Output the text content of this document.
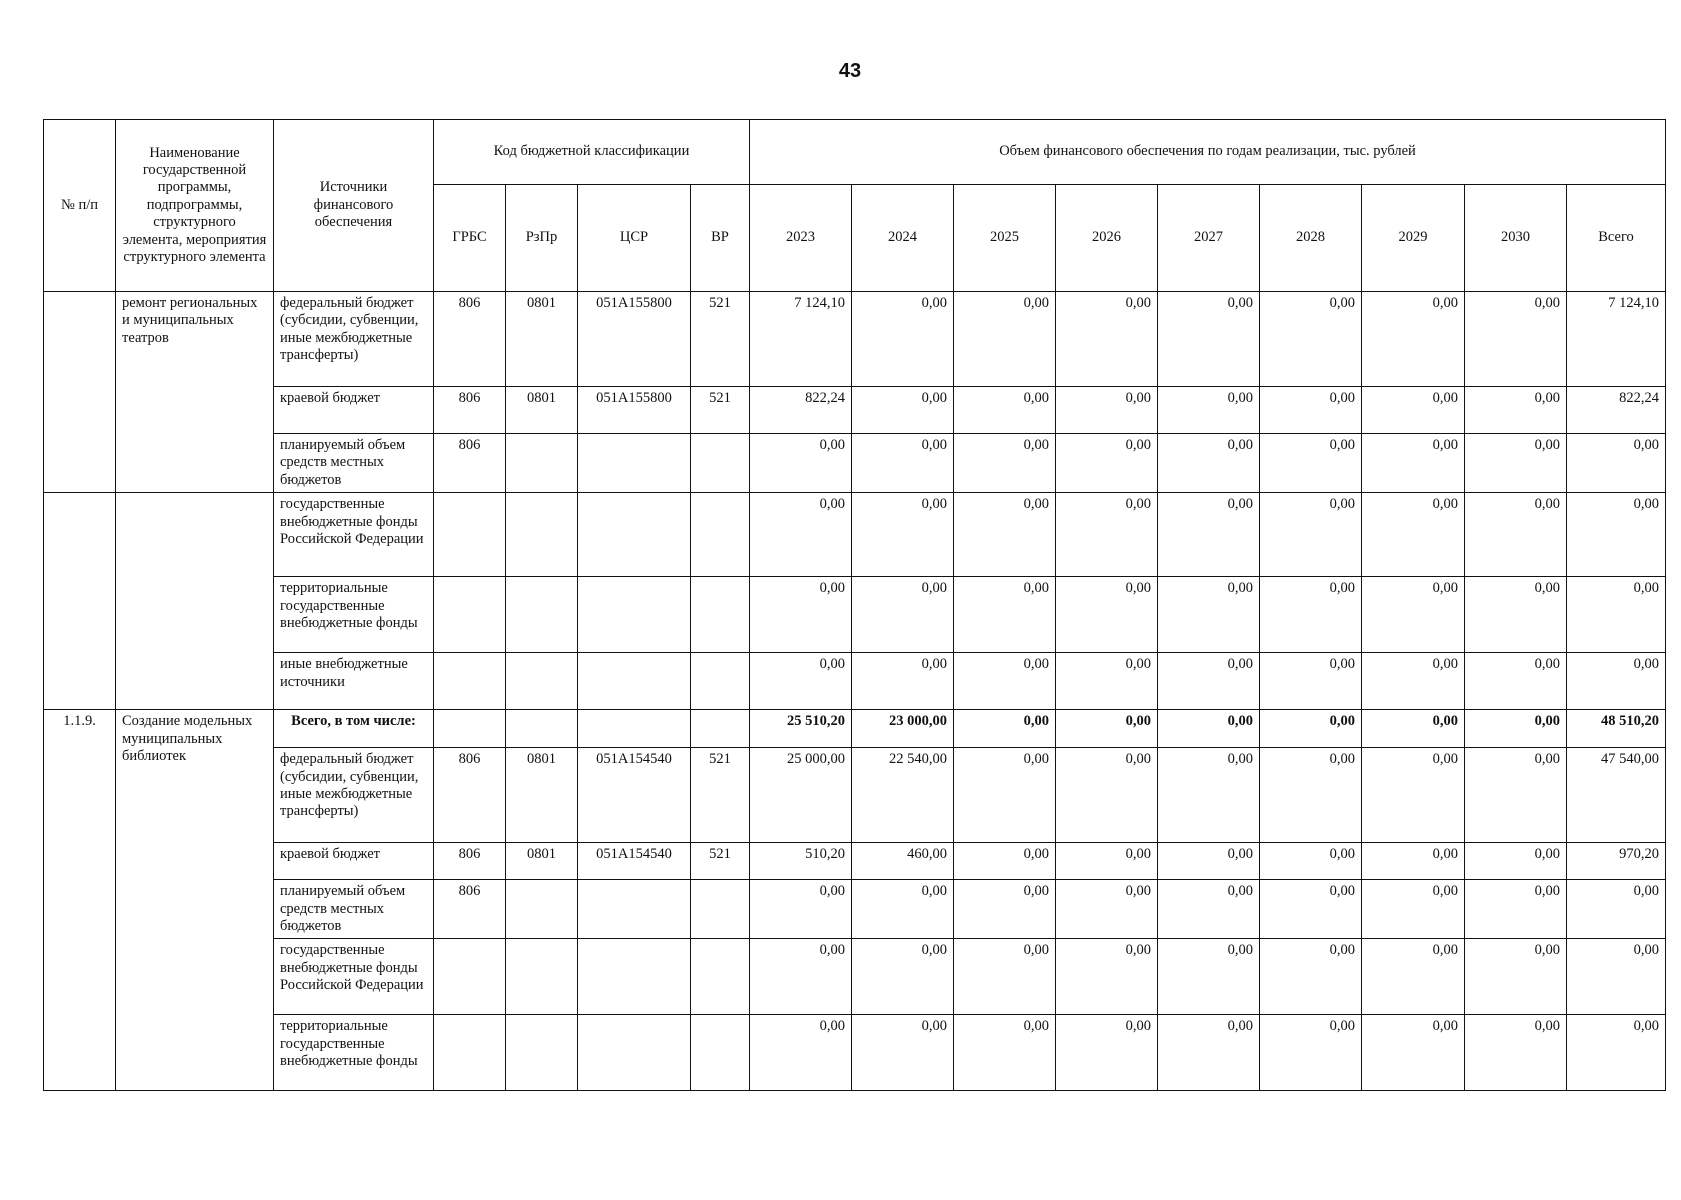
43
№ п/п	Наименование государственной программы, подпрограммы, структурного элемента, мероприятия структурного элемента	Источники финансового обеспечения	Код бюджетной классификации				Объем финансового обеспечения по годам реализации, тыс. рублей								
			ГРБС	РзПр	ЦСР	ВР	2023	2024	2025	2026	2027	2028	2029	2030	Всего
	ремонт региональных и муниципальных театров	федеральный бюджет (субсидии, субвенции, иные межбюджетные трансферты)	806	0801	051A155800	521	7 124,10	0,00	0,00	0,00	0,00	0,00	0,00	0,00	7 124,10
		краевой бюджет	806	0801	051A155800	521	822,24	0,00	0,00	0,00	0,00	0,00	0,00	0,00	822,24
		планируемый объем средств местных бюджетов	806				0,00	0,00	0,00	0,00	0,00	0,00	0,00	0,00	0,00
		государственные внебюджетные фонды Российской Федерации					0,00	0,00	0,00	0,00	0,00	0,00	0,00	0,00	0,00
		территориальные государственные внебюджетные фонды					0,00	0,00	0,00	0,00	0,00	0,00	0,00	0,00	0,00
		иные внебюджетные источники					0,00	0,00	0,00	0,00	0,00	0,00	0,00	0,00	0,00
1.1.9.	Создание модельных муниципальных библиотек	Всего, в том числе:					25 510,20	23 000,00	0,00	0,00	0,00	0,00	0,00	0,00	48 510,20
		федеральный бюджет (субсидии, субвенции, иные межбюджетные трансферты)	806	0801	051A154540	521	25 000,00	22 540,00	0,00	0,00	0,00	0,00	0,00	0,00	47 540,00
		краевой бюджет	806	0801	051A154540	521	510,20	460,00	0,00	0,00	0,00	0,00	0,00	0,00	970,20
		планируемый объем средств местных бюджетов	806				0,00	0,00	0,00	0,00	0,00	0,00	0,00	0,00	0,00
		государственные внебюджетные фонды Российской Федерации					0,00	0,00	0,00	0,00	0,00	0,00	0,00	0,00	0,00
		территориальные государственные внебюджетные фонды					0,00	0,00	0,00	0,00	0,00	0,00	0,00	0,00	0,00
